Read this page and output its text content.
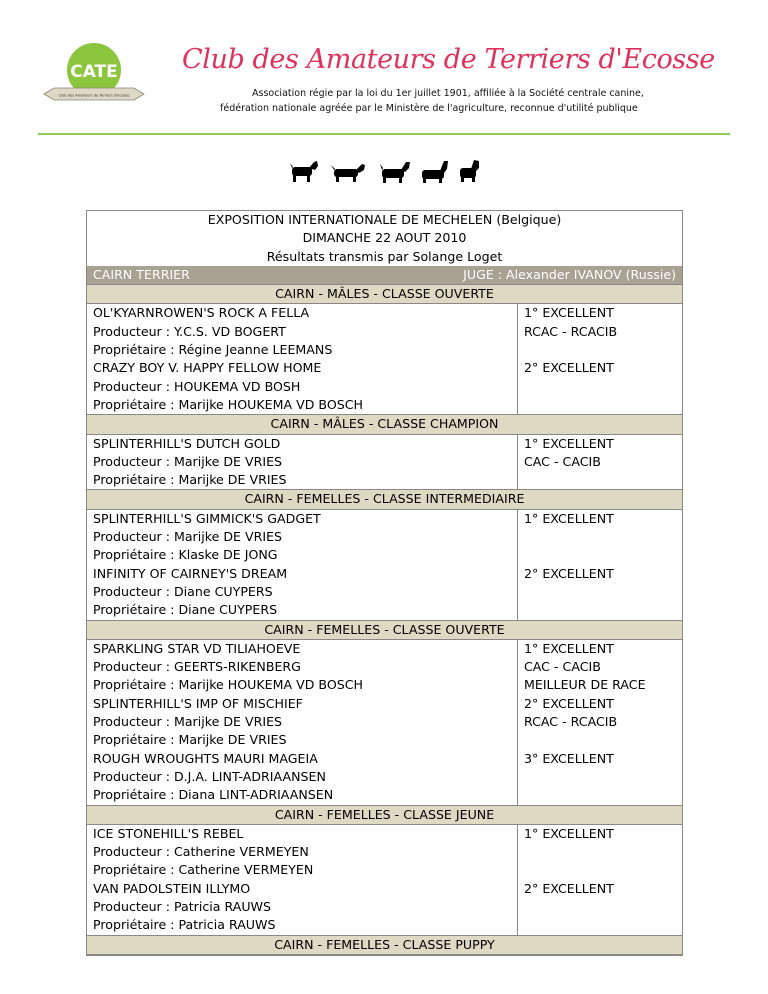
CATE
Club des Amateurs de Terriers d'Ecosse
Club des Amateurs de Terriers d'Ecosse
Association régie par la loi du 1er juillet 1901, affiliée à la Société centrale canine,
fédération nationale agréée par le Ministère de l'agriculture, reconnue d'utilité publique
EXPOSITION INTERNATIONALE DE MECHELEN (Belgique)
DIMANCHE 22 AOUT 2010
Résultats transmis par Solange Loget
CAIRN TERRIER	JUGE : Alexander IVANOV (Russie)
CAIRN - MÂLES - CLASSE OUVERTE
OL'KYARNROWEN'S ROCK A FELLA
Producteur : Y.C.S. VD BOGERT
Propriétaire : Régine Jeanne LEEMANS
1° EXCELLENT
RCAC - RCACIB
CRAZY BOY V. HAPPY FELLOW HOME
Producteur : HOUKEMA VD BOSH
Propriétaire : Marijke HOUKEMA VD BOSCH
2° EXCELLENT
CAIRN - MÂLES - CLASSE CHAMPION
SPLINTERHILL'S DUTCH GOLD
Producteur : Marijke DE VRIES
Propriétaire : Marijke DE VRIES
1° EXCELLENT
CAC - CACIB
CAIRN - FEMELLES - CLASSE INTERMEDIAIRE
SPLINTERHILL'S GIMMICK'S GADGET
Producteur : Marijke DE VRIES
Propriétaire : Klaske DE JONG
1° EXCELLENT
INFINITY OF CAIRNEY'S DREAM
Producteur : Diane CUYPERS
Propriétaire : Diane CUYPERS
2° EXCELLENT
CAIRN - FEMELLES - CLASSE OUVERTE
SPARKLING STAR VD TILIAHOEVE
Producteur : GEERTS-RIKENBERG
Propriétaire : Marijke HOUKEMA VD BOSCH
1° EXCELLENT
CAC - CACIB
MEILLEUR DE RACE
SPLINTERHILL'S IMP OF MISCHIEF
Producteur : Marijke DE VRIES
Propriétaire : Marijke DE VRIES
2° EXCELLENT
RCAC - RCACIB
ROUGH WROUGHTS MAURI MAGEIA
Producteur : D.J.A. LINT-ADRIAANSEN
Propriétaire : Diana LINT-ADRIAANSEN
3° EXCELLENT
CAIRN - FEMELLES - CLASSE JEUNE
ICE STONEHILL'S REBEL
Producteur : Catherine VERMEYEN
Propriétaire : Catherine VERMEYEN
1° EXCELLENT
VAN PADOLSTEIN ILLYMO
Producteur : Patricia RAUWS
Propriétaire : Patricia RAUWS
2° EXCELLENT
CAIRN - FEMELLES - CLASSE PUPPY
